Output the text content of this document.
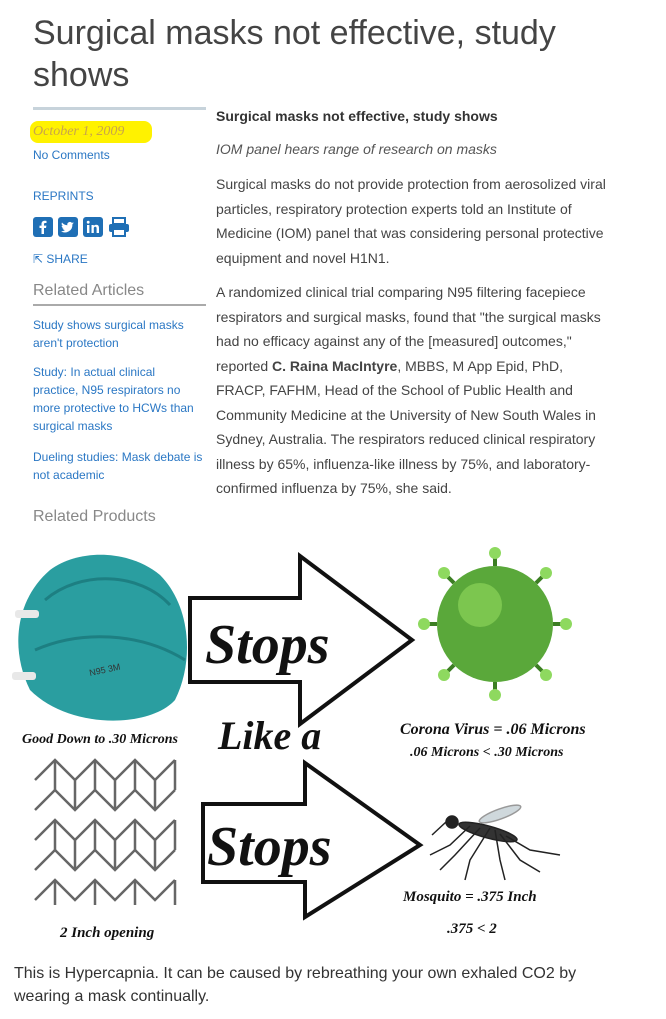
Surgical masks not effective, study shows
October 1, 2009
No Comments
REPRINTS
⇱ SHARE
Related Articles
Study shows surgical masks aren't protection
Study: In actual clinical practice, N95 respirators no more protective to HCWs than surgical masks
Dueling studies: Mask debate is not academic
Related Products
Surgical masks not effective, study shows
IOM panel hears range of research on masks
Surgical masks do not provide protection from aerosolized viral particles, respiratory protection experts told an Institute of Medicine (IOM) panel that was considering personal protective equipment and novel H1N1.
A randomized clinical trial comparing N95 filtering facepiece respirators and surgical masks, found that "the surgical masks had no efficacy against any of the [measured] outcomes," reported C. Raina MacIntyre, MBBS, M App Epid, PhD, FRACP, FAFHM, Head of the School of Public Health and Community Medicine at the University of New South Wales in Sydney, Australia. The respirators reduced clinical respiratory illness by 65%, influenza-like illness by 75%, and laboratory- confirmed influenza by 75%, she said.
N95 3M Stops
Stops
Like a
Good Down to .30 Microns
Corona Virus = .06 Microns
.06 Microns < .30 Microns
Mosquito = .375 Inch
.375 < 2
2 Inch opening
This is Hypercapnia. It can be caused by rebreathing your own exhaled CO2 by wearing a mask continually.
